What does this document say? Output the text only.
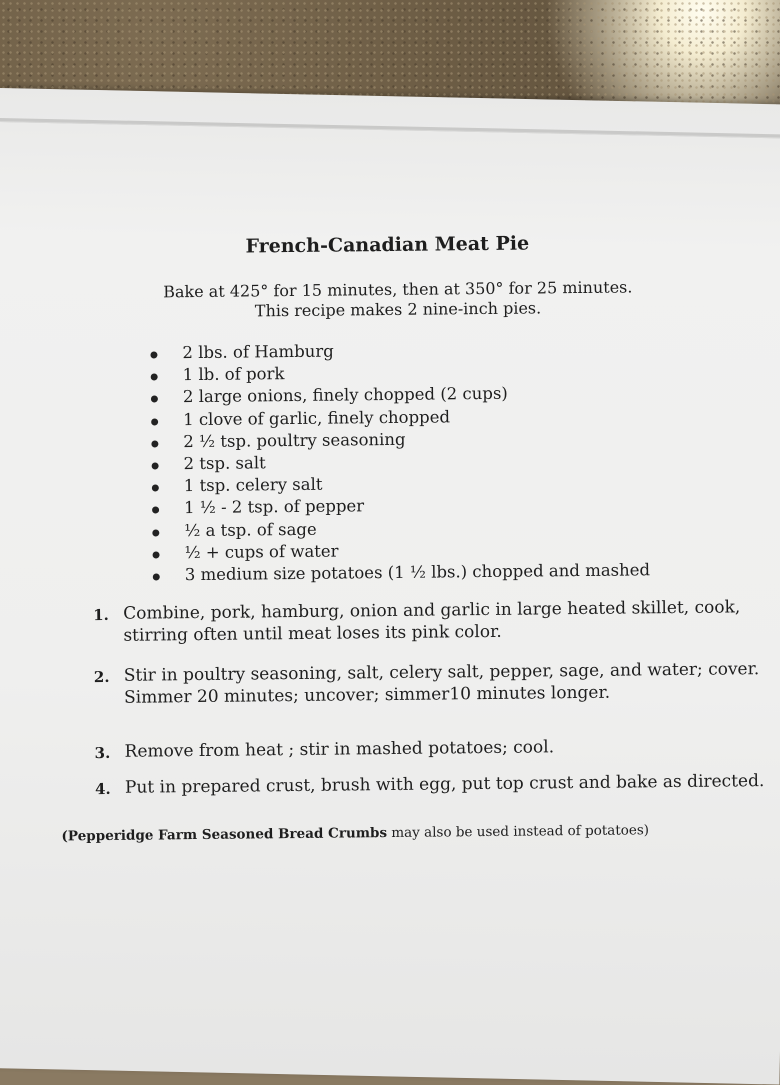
French-Canadian Meat Pie
Bake at 425° for 15 minutes, then at 350° for 25 minutes.
This recipe makes 2 nine-inch pies.
2 lbs. of Hamburg
1 lb. of pork
2 large onions, finely chopped (2 cups)
1 clove of garlic, finely chopped
2 ½ tsp. poultry seasoning
2 tsp. salt
1 tsp. celery salt
1 ½ - 2 tsp. of pepper
½ a tsp. of sage
½ + cups of water
3 medium size potatoes (1 ½ lbs.) chopped and mashed
1. Combine, pork, hamburg, onion and garlic in large heated skillet, cook,
stirring often until meat loses its pink color.
2. Stir in poultry seasoning, salt, celery salt, pepper, sage, and water; cover.
Simmer 20 minutes; uncover; simmer10 minutes longer.
3. Remove from heat ; stir in mashed potatoes; cool.
4. Put in prepared crust, brush with egg, put top crust and bake as directed.
(Pepperidge Farm Seasoned Bread Crumbs may also be used instead of potatoes)
